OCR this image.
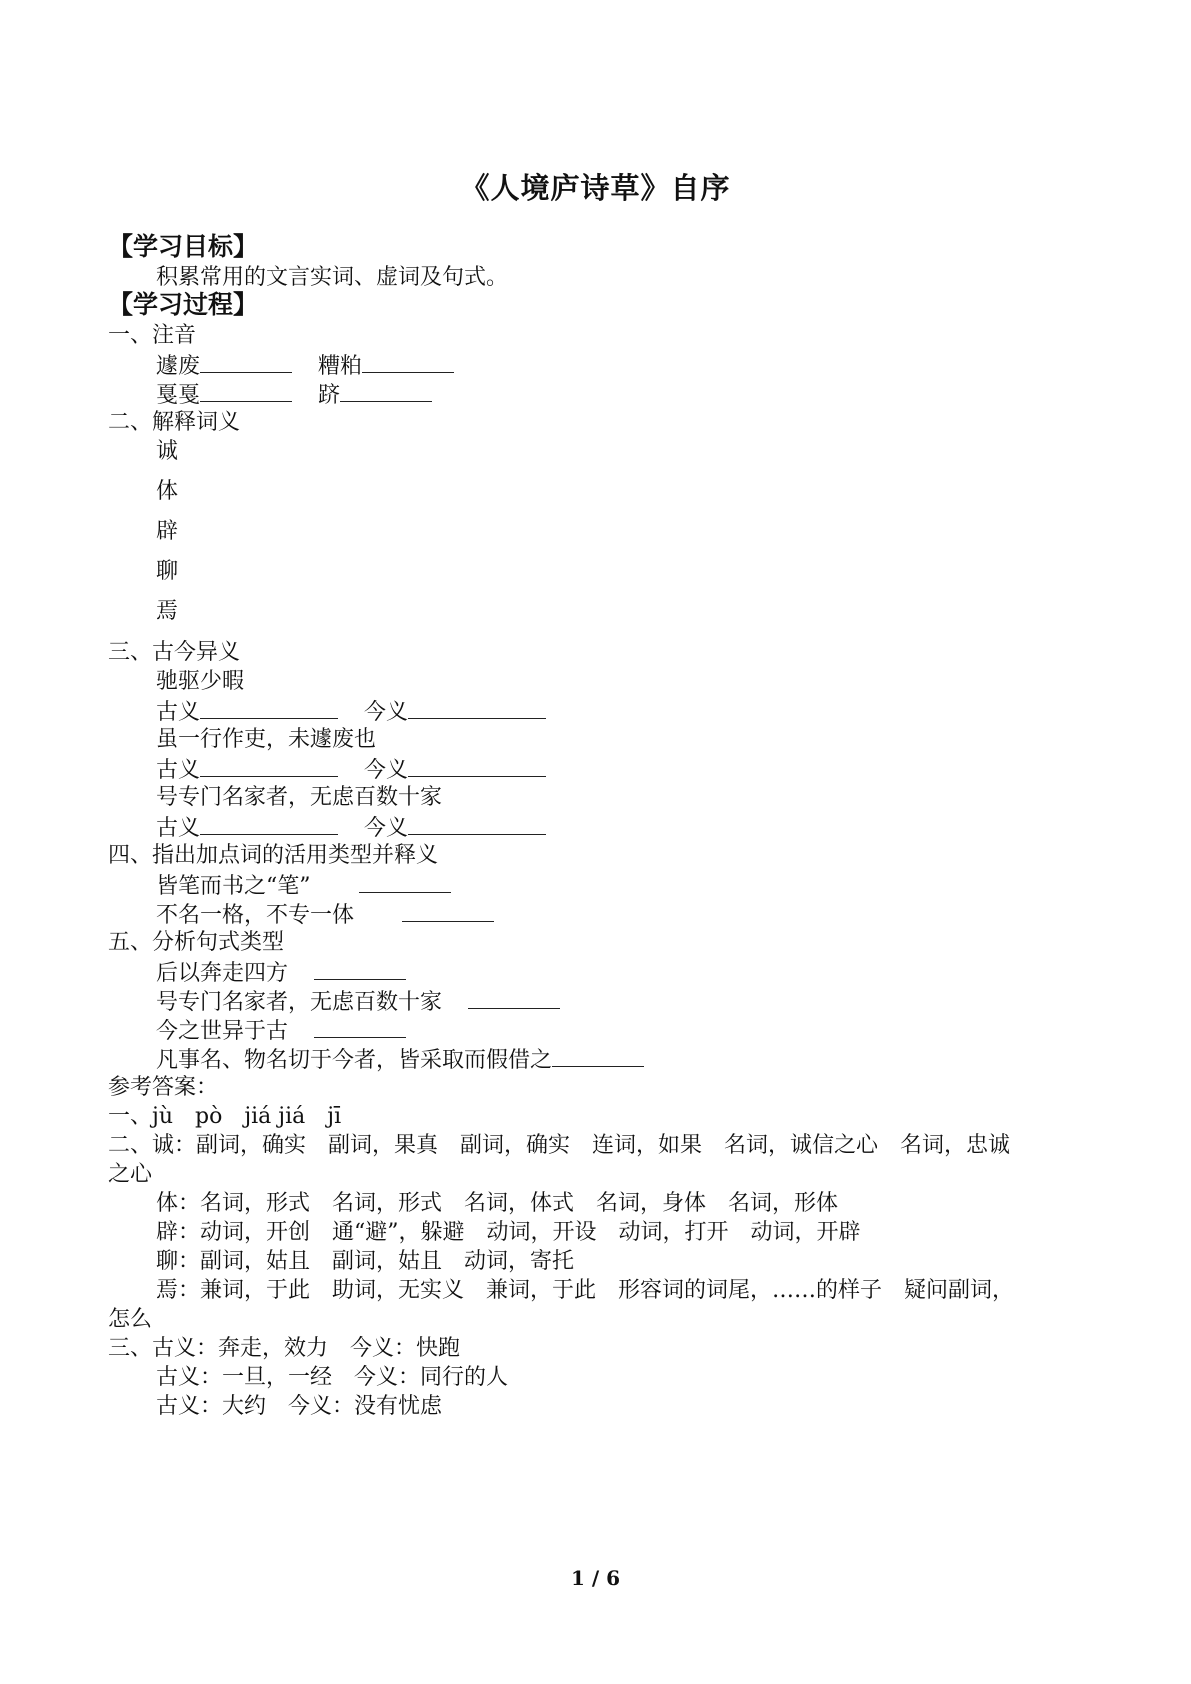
《人境庐诗草》自序
【学习目标】
积累常用的文言实词、虚词及句式。
【学习过程】
一、注音
遽废	糟粕
戛戛	跻
二、解释词义
诚
体
辟
聊
焉
三、古今异义
驰驱少暇
古义	今义
虽一行作吏，未遽废也
古义	今义
号专门名家者，无虑百数十家
古义	今义
四、指出加点词的活用类型并释义
皆笔而书之“笔”
不名一格，不专一体
五、分析句式类型
后以奔走四方
号专门名家者，无虑百数十家
今之世异于古
凡事名、物名切于今者，皆采取而假借之
参考答案：
一、jù　pò　jiá jiá　jī
二、诚：副词，确实　副词，果真　副词，确实　连词，如果　名词，诚信之心　名词，忠诚
之心
体：名词，形式　名词，形式　名词，体式　名词，身体　名词，形体
辟：动词，开创　通“避”，躲避　动词，开设　动词，打开　动词，开辟
聊：副词，姑且　副词，姑且　动词，寄托
焉：兼词，于此　助词，无实义　兼词，于此　形容词的词尾，……的样子　疑问副词，
怎么
三、古义：奔走，效力　今义：快跑
古义：一旦，一经　今义：同行的人
古义：大约　今义：没有忧虑
1 / 6
